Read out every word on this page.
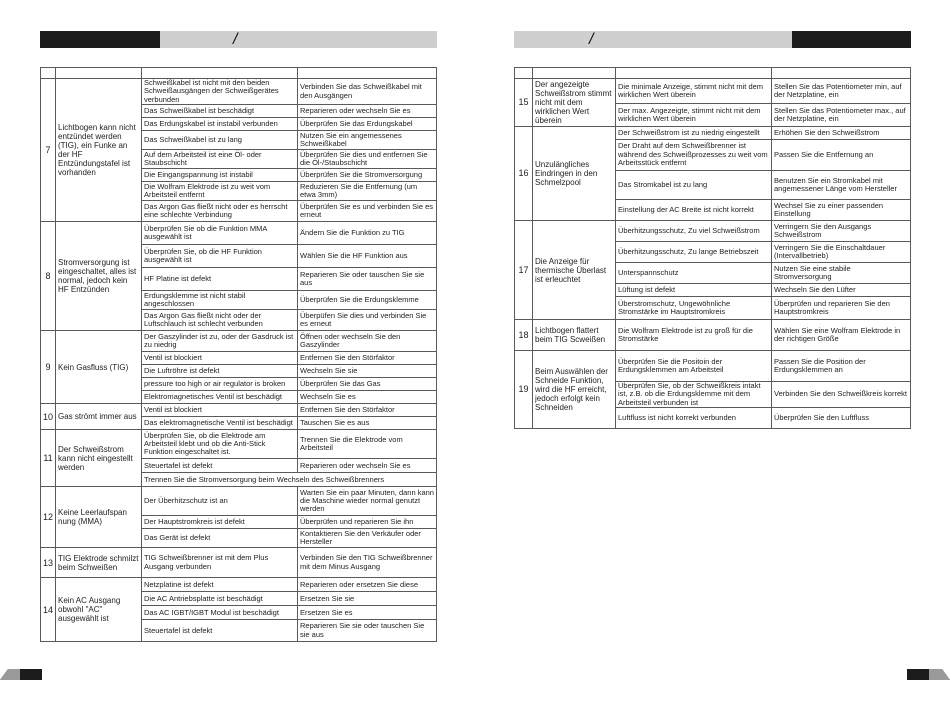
/	/

7	Lichtbogen kann nicht entzündet werden (TIG), ein Funke an der HF Entzündungstafel ist vorhanden	Schweißkabel ist nicht mit den beiden Schweißausgängen der Schweißgerätes verbunden	Verbinden Sie das Schweißkabel mit den Ausgängen
		Das Schweißkabel ist beschädigt	Reparieren oder wechseln Sie es
		Das Erdungskabel ist instabil verbunden	Überprüfen Sie das Erdungskabel
		Das Schweißkabel ist zu lang	Nutzen Sie ein angemessenes Schweißkabel
		Auf dem Arbeitsteil ist eine Öl- oder Staubschicht	Überprüfen Sie dies und entfernen Sie die Öl-/Staubschicht
		Die Eingangspannung ist instabil	Überprüfen Sie die Stromversorgung
		Die Wolfram Elektrode ist zu weit vom Arbeitsteil entfernt	Reduzieren Sie die Entfernung (um etwa 3mm)
		Das Argon Gas fließt nicht oder es herrscht eine schlechte Verbindung	Überprüfen Sie es und verbinden Sie es erneut
8	Stromversorgung ist eingeschaltet, alles ist normal, jedoch kein HF Entzünden	Überprüfen Sie ob die Funktion MMA ausgewählt ist	Ändern Sie die Funktion zu TIG
		Überprüfen Sie, ob die HF Funktion ausgewählt ist	Wählen Sie die HF Funktion aus
		HF Platine ist defekt	Reparieren Sie oder tauschen Sie sie aus
		Erdungsklemme ist nicht stabil angeschlossen	Überprüfen Sie die Erdungsklemme
		Das Argon Gas fließt nicht oder der Luftschlauch ist schlecht verbunden	Überpüfen Sie dies und verbinden Sie es erneut
9	Kein Gasfluss (TIG)	Der Gaszylinder ist zu, oder der Gasdruck ist zu niedrig	Öffnen oder wechseln Sie den Gaszylinder
		Ventil ist blockiert	Entfernen Sie den Störfaktor
		Die Luftröhre ist defekt	Wechseln Sie sie
		pressure too high or air regulator is broken	Überprüfen Sie das Gas
		Elektromagnetisches Ventil ist beschädigt	Wechseln Sie es
10	Gas strömt immer aus	Ventil ist blockiert	Entfernen Sie den Störfaktor
		Das elektromagnetische Ventil ist beschädigt	Tauschen Sie es aus
11	Der Schweißstrom kann nicht eingestellt werden	Überprüfen Sie, ob die Elektrode am Arbeitsteil klebt und ob die Anti-Stick Funktion eingeschaltet ist.	Trennen Sie die Elektrode vom Arbeitsteil
		Steuertafel ist defekt	Reparieren oder wechseln Sie es
		Trennen Sie die Stromversorgung beim Wechseln des Schweißbrenners	
12	Keine Leerlaufspan nung (MMA)	Der Überhitzschutz ist an	Warten Sie ein paar Minuten, dann kann die Maschine wieder normal genutzt werden
		Der Hauptstromkreis ist defekt	Überprüfen und reparieren Sie ihn
		Das Gerät ist defekt	Kontaktieren Sie den Verkäufer oder Hersteller
13	TIG Elektrode schmilzt beim Schweißen	TIG Schweißbrenner ist mit dem Plus Ausgang verbunden	Verbinden Sie den TIG Schweißbrenner mit dem Minus Ausgang
14	Kein AC Ausgang obwohl "AC" ausgewählt ist	Netzplatine ist defekt	Reparieren oder ersetzen Sie diese
		Die AC Antriebsplatte ist beschädigt	Ersetzen Sie sie
		Das AC IGBT/IGBT Modul ist beschädigt	Ersetzen Sie es
		Steuertafel ist defekt	Reparieren Sie sie oder tauschen Sie sie aus

15	Der angezeigte Schweißstrom stimmt nicht mit dem wirklichen Wert überein	Die minimale Anzeige, stimmt nicht mit dem wirklichen Wert überein	Stellen Sie das Potentiometer min, auf der Netzplatine, ein
		Der max. Angezeigte, stimmt nicht mit dem wirklichen Wert überein	Stellen Sie das Potentiometer max., auf der Netzplatine, ein
16	Unzulängliches Eindringen in den Schmelzpool	Der Schweißstrom ist zu niedrig eingestellt	Erhöhen Sie den Schweißstrom
		Der Draht auf dem Schweißbrenner ist während des Schweißprozesses zu weit vom Arbeitsstück entfernt	Passen Sie die Entfernung an
		Das Stromkabel ist zu lang	Benutzen Sie ein Stromkabel mit angemessener Länge vom Hersteller
		Einstellung der AC Breite ist nicht korrekt	Wechsel Sie zu einer passenden Einstellung
17	Die Anzeige für thermische Überlast ist erleuchtet	Überhitzungsschutz, Zu viel Schweißstrom	Verringern Sie den Ausgangs Schweißstrom
		Überhitzungsschutz, Zu lange Betriebszeit	Verringern Sie die Einschaltdauer (Intervallbetrieb)
		Unterspannschutz	Nutzen Sie eine stabile Stromversorgung
		Lüftung ist defekt	Wechseln Sie den Lüfter
		Überstromschutz, Ungewöhnliche Stromstärke im Hauptstromkreis	Überprüfen und reparieren Sie den Hauptstromkreis
18	Lichtbogen flattert beim TIG Scweißen	Die Wolfram Elektrode ist zu groß für die Stromstärke	Wählen Sie eine Wolfram Elektrode in der richtigen Größe
19	Beim Auswählen der Schneide Funktion, wird die HF erreicht, jedoch erfolgt kein Schneiden	Überprüfen Sie die Positoin der Erdungsklemmen am Arbeitsteil	Passen Sie die Position der Erdungsklemmen an
		Überprüfen Sie, ob der Schweißkreis intakt ist, z.B. ob die Erdungsklemme mit dem Arbeitsteil verbunden ist	Verbinden Sie den Schweißkreis korrekt
		Luftfluss ist nicht korrekt verbunden	Überprüfen Sie den Luftfluss
